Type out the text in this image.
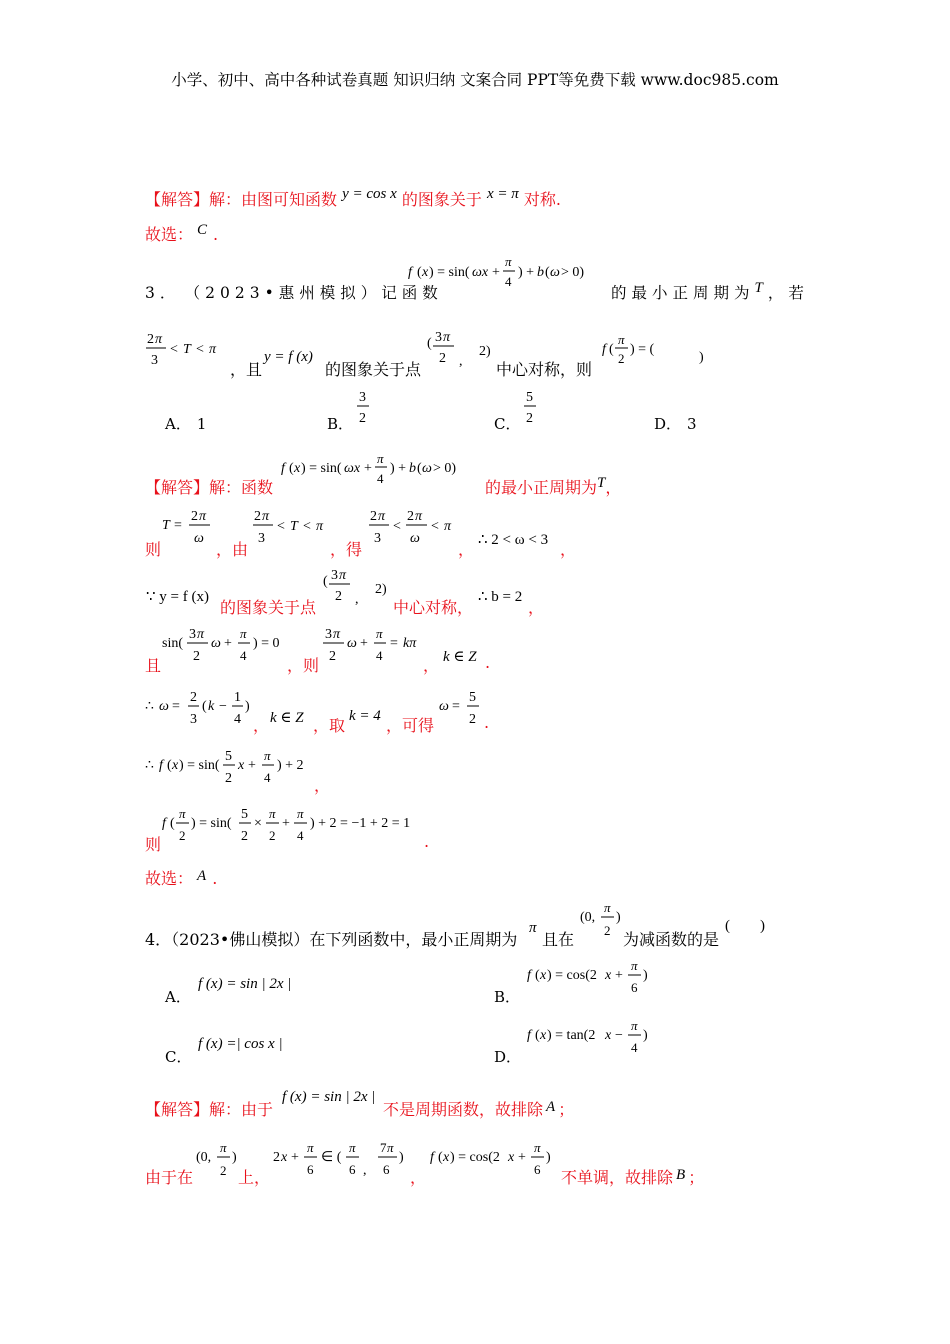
小学、初中、高中各种试卷真题 知识归纳 文案合同 PPT等免费下载 www.doc985.com
【解答】解：由图可知函数 y = cos x 的图象关于 x = π 对称.
故选： C .
3． （2023•惠州模拟）记函数
f ( x ) = sin( ωx +
π
4
) + b ( ω > 0)
的最小正周期为T，若
2 π
3
< T < π
，且
y = f (x)
的图象关于点
( 3 π
2 ,
2)
中心对称，则
f (
π
2
) = (
)
A． 1	B．
3
2	C．
5
2	D． 3
【解答】解：函数
f ( x ) = sin( ωx +
π
4
) + b ( ω > 0)
的最小正周期为T，
则
T =
2 π
ω
，由
2 π
3
< T < π
，得
2 π
3
<
2 π
ω
< π
， ∴ 2 < ω < 3 ，
∵ y = f (x)
的图象关于点
( 3 π
2 ,
2)
中心对称，
∴ b = 2
，
且
sin(
3 π
2
ω +
π
4
) = 0
，则
3 π
2
ω +
π
4
= kπ
， k ∈ Z .
∴ ω =
2
3
( k −
1
4
)
， k ∈ Z ，取 k = 4 ，可得
ω =
5
2 .
∴ f ( x ) = sin(
5
2
x +
π
4
) + 2
，
则
f (
π
2
) = sin(
5
2
×
π
2
+
π
4
) + 2 = −1 + 2 = 1
.
故选： A .
4．（2023•佛山模拟）在下列函数中，最小正周期为
π
且在
(0,
π
2
)
为减函数的是
(        )
A．
f (x) = sin | 2x |
B．
f ( x ) = cos(2 x +
π
6
)
C．
f (x) =| cos x |
D．
f ( x ) = tan(2 x −
π
4
)
【解答】解：由于
f (x) = sin | 2x |
不是周期函数，故排除 A ；
由于在
(0,
π
2
)
上，
2 x +
π
6
∈ (
π
6 ,
7 π
6
)
，
f ( x ) = cos(2 x +
π
6
)
不单调，故排除 B ；
